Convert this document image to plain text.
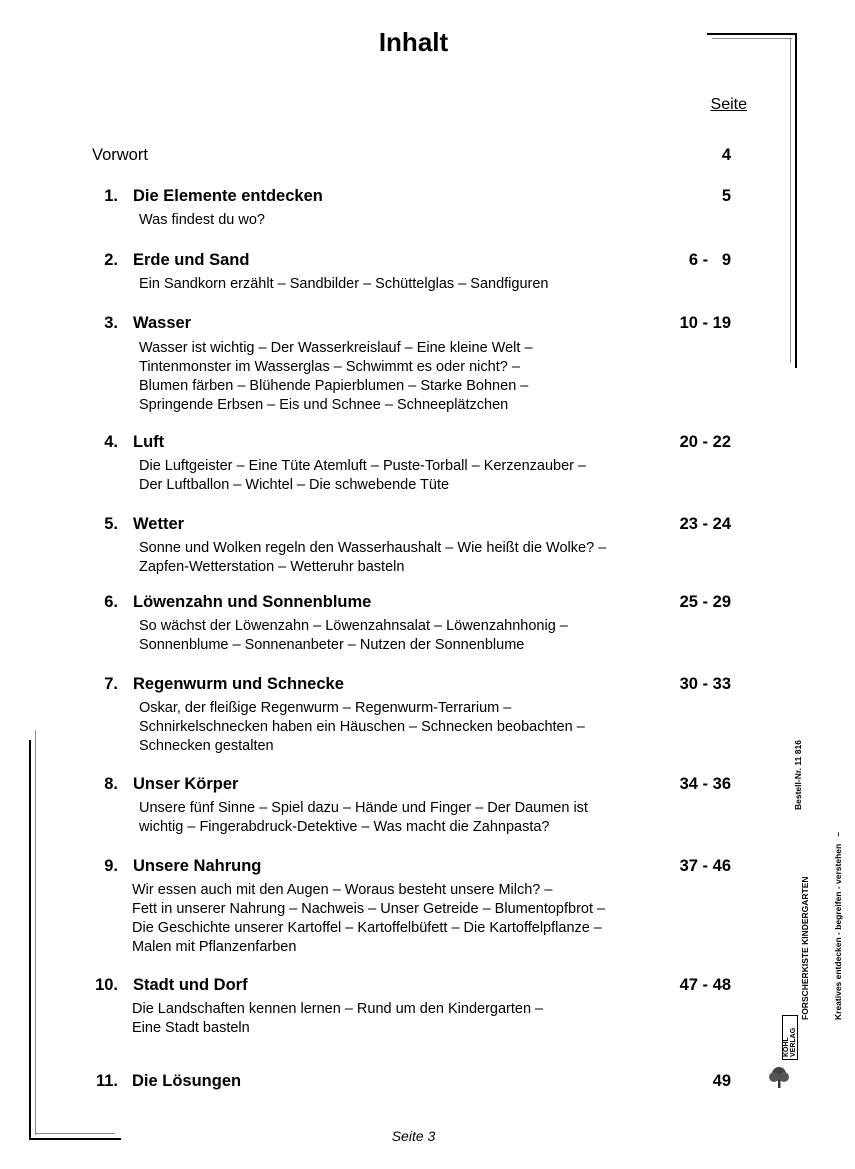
Inhalt
Seite
Vorwort	4
1. Die Elemente entdecken	5
Was findest du wo?
2. Erde und Sand	6 -   9
Ein Sandkorn erzählt – Sandbilder – Schüttelglas – Sandfiguren
3. Wasser	10 - 19
Wasser ist wichtig – Der Wasserkreislauf – Eine kleine Welt –
Tintenmonster im Wasserglas – Schwimmt es oder nicht? –
Blumen färben – Blühende Papierblumen – Starke Bohnen –
Springende Erbsen – Eis und Schnee – Schneeplätzchen
4. Luft	20 - 22
Die Luftgeister – Eine Tüte Atemluft – Puste-Torball – Kerzenzauber –
Der Luftballon – Wichtel – Die schwebende Tüte
5. Wetter	23 - 24
Sonne und Wolken regeln den Wasserhaushalt – Wie heißt die Wolke? –
Zapfen-Wetterstation – Wetteruhr basteln
6. Löwenzahn und Sonnenblume	25 - 29
So wächst der Löwenzahn – Löwenzahnsalat – Löwenzahnhonig –
Sonnenblume – Sonnenanbeter – Nutzen der Sonnenblume
7. Regenwurm und Schnecke	30 - 33
Oskar, der fleißige Regenwurm – Regenwurm-Terrarium –
Schnirkelschnecken haben ein Häuschen – Schnecken beobachten –
Schnecken gestalten
8. Unser Körper	34 - 36
Unsere fünf Sinne – Spiel dazu – Hände und Finger – Der Daumen ist
wichtig – Fingerabdruck-Detektive – Was macht die Zahnpasta?
9. Unsere Nahrung	37 - 46
Wir essen auch mit den Augen – Woraus besteht unsere Milch? –
Fett in unserer Nahrung – Nachweis – Unser Getreide – Blumentopfbrot –
Die Geschichte unserer Kartoffel – Kartoffelbüfett – Die Kartoffelpflanze –
Malen mit Pflanzenfarben
10. Stadt und Dorf	47 - 48
Die Landschaften kennen lernen – Rund um den Kindergarten –
Eine Stadt basteln
11. Die Lösungen	49
Seite 3

FORSCHERKISTE KINDERGARTEN

	Kreatives entdecken - begreifen - verstehen   –

Bestell-Nr. 11 816
KOHL VERLAG
